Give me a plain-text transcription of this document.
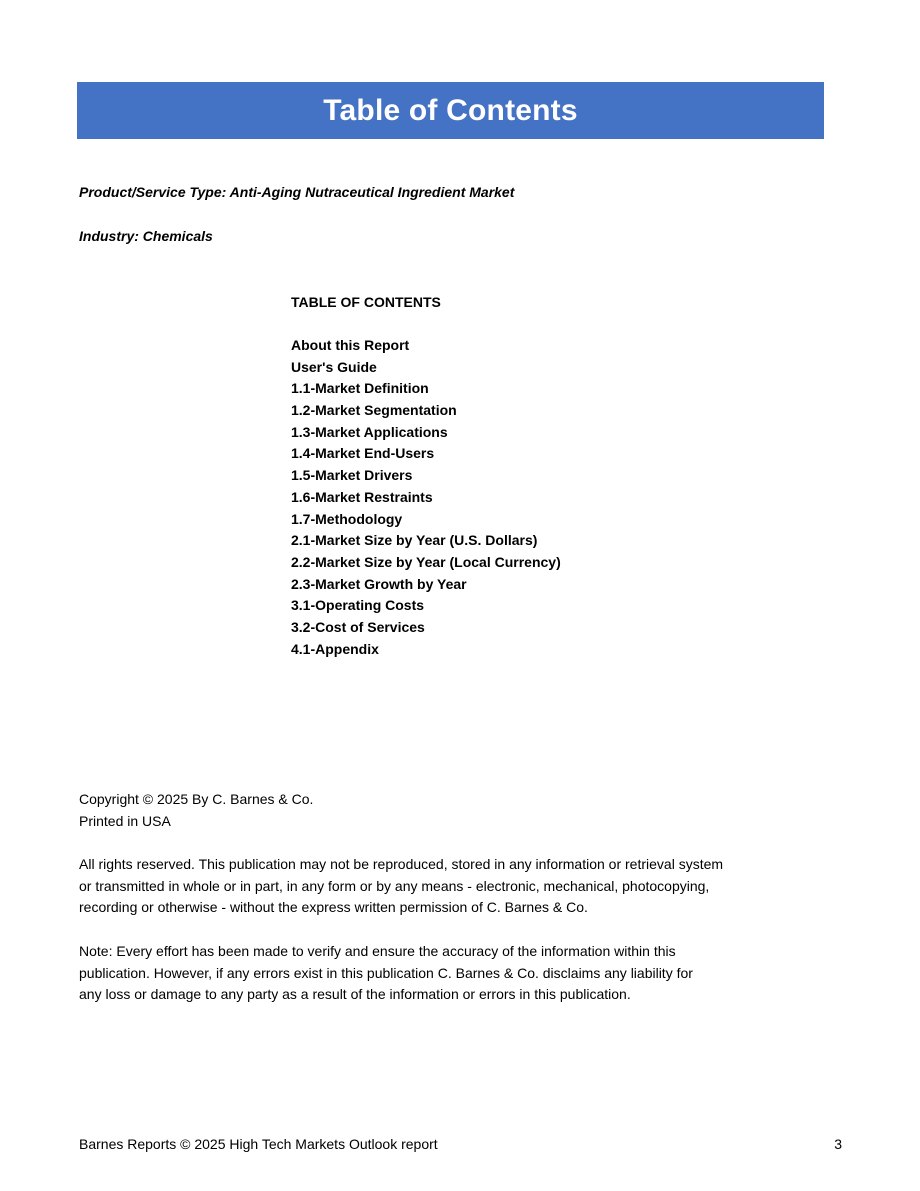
Table of Contents
Product/Service Type: Anti-Aging Nutraceutical Ingredient Market
Industry: Chemicals
TABLE OF CONTENTS
About this Report
User's Guide
1.1-Market Definition
1.2-Market Segmentation
1.3-Market Applications
1.4-Market End-Users
1.5-Market Drivers
1.6-Market Restraints
1.7-Methodology
2.1-Market Size by Year (U.S. Dollars)
2.2-Market Size by Year (Local Currency)
2.3-Market Growth by Year
3.1-Operating Costs
3.2-Cost of Services
4.1-Appendix

Copyright © 2025 By C. Barnes & Co.

Printed in USA

All rights reserved. This publication may not be reproduced, stored in any information or retrieval system
or transmitted in whole or in part, in any form or by any means - electronic, mechanical, photocopying,
recording or otherwise - without the express written permission of C. Barnes & Co.

Note: Every effort has been made to verify and ensure the accuracy of the information within this
publication. However, if any errors exist in this publication C. Barnes & Co. disclaims any liability for
any loss or damage to any party as a result of the information or errors in this publication.

Barnes Reports © 2025 High Tech Markets Outlook report	3
